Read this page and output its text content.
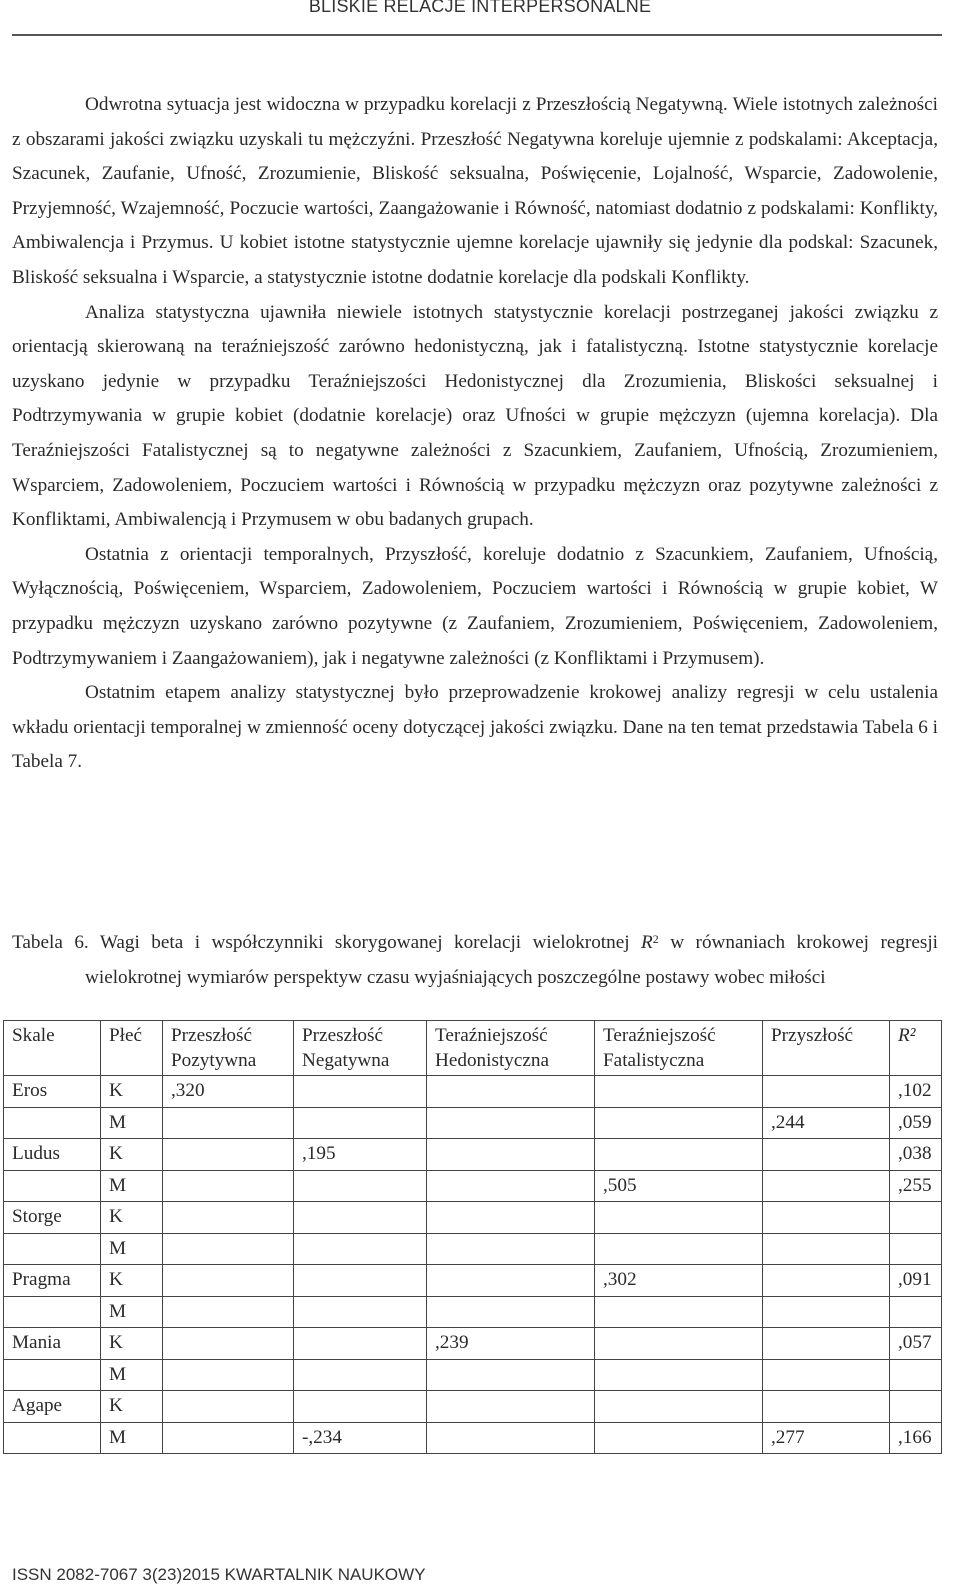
BLISKIE RELACJE INTERPERSONALNE

Odwrotna sytuacja jest widoczna w przypadku korelacji z Przeszłością Negatywną. Wiele istotnych zależności z obszarami jakości związku uzyskali tu mężczyźni. Przeszłość Negatywna koreluje ujemnie z podskalami: Akceptacja, Szacunek, Zaufanie, Ufność, Zrozumienie, Bliskość seksualna, Poświęcenie, Lojalność, Wsparcie, Zadowolenie, Przyjemność, Wzajemność, Poczucie wartości, Zaangażowanie i Równość, natomiast dodatnio z podskalami: Konflikty, Ambiwalencja i Przymus. U kobiet istotne statystycznie ujemne korelacje ujawniły się jedynie dla podskal: Szacunek, Bliskość seksualna i Wsparcie, a statystycznie istotne dodatnie korelacje dla podskali Konflikty.

Analiza statystyczna ujawniła niewiele istotnych statystycznie korelacji postrzeganej jakości związku z orientacją skierowaną na teraźniejszość zarówno hedonistyczną, jak i fatalistyczną. Istotne statystycznie korelacje uzyskano jedynie w przypadku Teraźniejszości Hedonistycznej dla Zrozumienia, Bliskości seksualnej i Podtrzymywania w grupie kobiet (dodatnie korelacje) oraz Ufności w grupie mężczyzn (ujemna korelacja). Dla Teraźniejszości Fatalistycznej są to negatywne zależności z Szacunkiem, Zaufaniem, Ufnością, Zrozumieniem, Wsparciem, Zadowoleniem, Poczuciem wartości i Równością w przypadku mężczyzn oraz pozytywne zależności z Konfliktami, Ambiwalencją i Przymusem w obu badanych grupach.

Ostatnia z orientacji temporalnych, Przyszłość, koreluje dodatnio z Szacunkiem, Zaufaniem, Ufnością, Wyłącznością, Poświęceniem, Wsparciem, Zadowoleniem, Poczuciem wartości i Równością w grupie kobiet, W przypadku mężczyzn uzyskano zarówno pozytywne (z Zaufaniem, Zrozumieniem, Poświęceniem, Zadowoleniem, Podtrzymywaniem i Zaangażowaniem), jak i negatywne zależności (z Konfliktami i Przymusem).

Ostatnim etapem analizy statystycznej było przeprowadzenie krokowej analizy regresji w celu ustalenia wkładu orientacji temporalnej w zmienność oceny dotyczącej jakości związku. Dane na ten temat przedstawia Tabela 6 i Tabela 7.

Tabela 6. Wagi beta i współczynniki skorygowanej korelacji wielokrotnej $R^2$ w równaniach krokowej regresji wielokrotnej wymiarów perspektyw czasu wyjaśniających poszczególne postawy wobec miłości
Skale	Płeć	Przeszłość Pozytywna	Przeszłość Negatywna	Teraźniejszość Hedonistyczna	Teraźniejszość Fatalistyczna	Przyszłość	R²
Eros	K	,320					,102
	M					,244	,059
Ludus	K		,195				,038
	M				,505		,255
Storge	K						
	M						
Pragma	K				,302		,091
	M						
Mania	K			,239			,057
	M						
Agape	K						
	M		-,234			,277	,166
ISSN 2082-7067 3(23)2015 KWARTALNIK NAUKOWY
